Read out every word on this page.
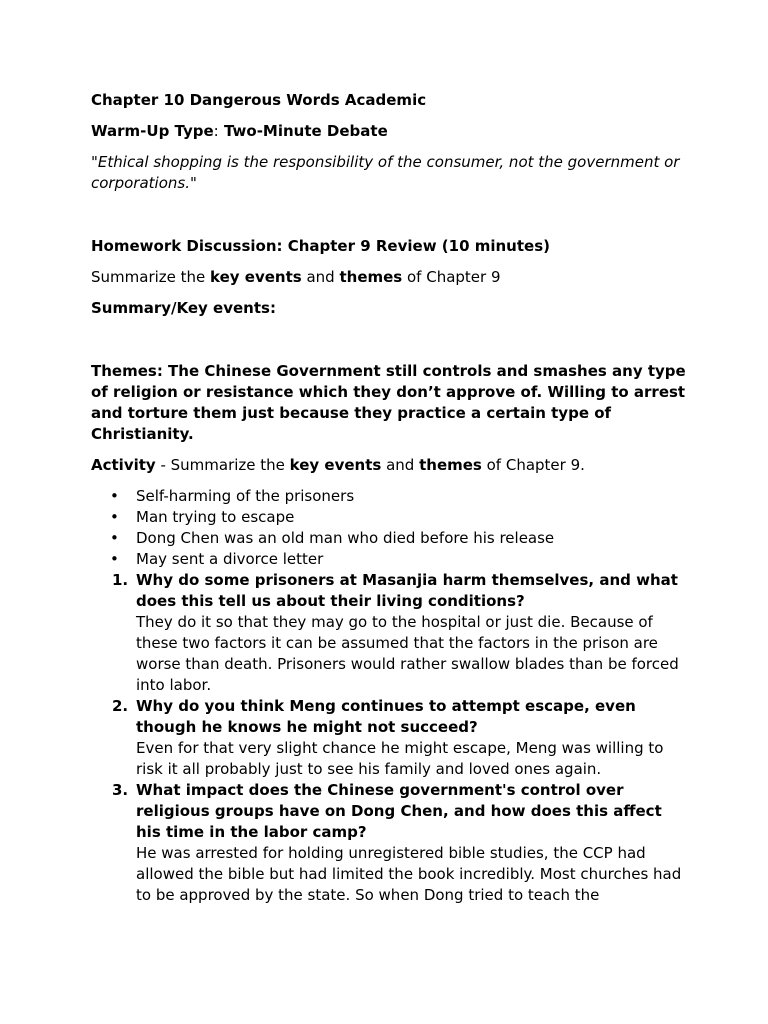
Chapter 10 Dangerous Words Academic

Warm-Up Type: Two-Minute Debate

"Ethical shopping is the responsibility of the consumer, not the government or corporations."

Homework Discussion: Chapter 9 Review (10 minutes)

Summarize the key events and themes of Chapter 9

Summary/Key events:

Themes: The Chinese Government still controls and smashes any type of religion or resistance which they don’t approve of. Willing to arrest and torture them just because they practice a certain type of Christianity.

Activity - Summarize the key events and themes of Chapter 9.

• Self-harming of the prisoners
• Man trying to escape
• Dong Chen was an old man who died before his release
• May sent a divorce letter
1. Why do some prisoners at Masanjia harm themselves, and what does this tell us about their living conditions?
They do it so that they may go to the hospital or just die. Because of these two factors it can be assumed that the factors in the prison are worse than death. Prisoners would rather swallow blades than be forced into labor.
2. Why do you think Meng continues to attempt escape, even though he knows he might not succeed?
Even for that very slight chance he might escape, Meng was willing to risk it all probably just to see his family and loved ones again.
3. What impact does the Chinese government's control over religious groups have on Dong Chen, and how does this affect his time in the labor camp?
He was arrested for holding unregistered bible studies, the CCP had allowed the bible but had limited the book incredibly. Most churches had to be approved by the state. So when Dong tried to teach the
